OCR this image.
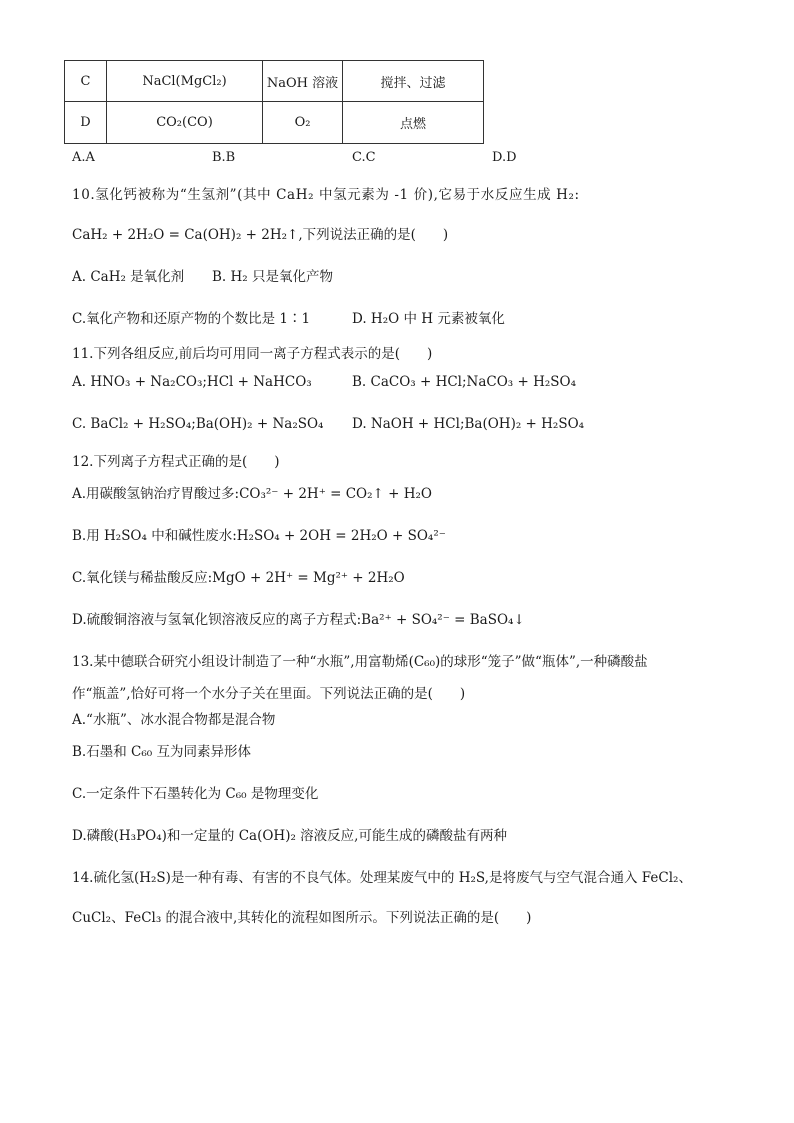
C	NaCl(MgCl₂)	NaOH 溶液	搅拌、过滤
D	CO₂(CO)	O₂	点燃
A.A	B.B	C.C	D.D
10.氢化钙被称为“生氢剂”(其中 CaH₂ 中氢元素为 -1 价),它易于水反应生成 H₂:
CaH₂ + 2H₂O = Ca(OH)₂ + 2H₂↑,下列说法正确的是(　　)
A. CaH₂ 是氧化剂 B. H₂ 只是氧化产物
C.氧化产物和还原产物的个数比是 1∶1	D. H₂O 中 H 元素被氧化
11.下列各组反应,前后均可用同一离子方程式表示的是(　　)
A. HNO₃ + Na₂CO₃;HCl + NaHCO₃	B. CaCO₃ + HCl;NaCO₃ + H₂SO₄
C. BaCl₂ + H₂SO₄;Ba(OH)₂ + Na₂SO₄ D. NaOH + HCl;Ba(OH)₂ + H₂SO₄
12.下列离子方程式正确的是(　　)
A.用碳酸氢钠治疗胃酸过多:CO₃²⁻ + 2H⁺ = CO₂↑ + H₂O
B.用 H₂SO₄ 中和碱性废水:H₂SO₄ + 2OH = 2H₂O + SO₄²⁻
C.氧化镁与稀盐酸反应:MgO + 2H⁺ = Mg²⁺ + 2H₂O
D.硫酸铜溶液与氢氧化钡溶液反应的离子方程式:Ba²⁺ + SO₄²⁻ = BaSO₄↓
13.某中德联合研究小组设计制造了一种“水瓶”,用富勒烯(C₆₀)的球形“笼子”做“瓶体”,一种磷酸盐
作“瓶盖”,恰好可将一个水分子关在里面。下列说法正确的是(　　)
A.“水瓶”、冰水混合物都是混合物
B.石墨和 C₆₀ 互为同素异形体
C.一定条件下石墨转化为 C₆₀ 是物理变化
D.磷酸(H₃PO₄)和一定量的 Ca(OH)₂ 溶液反应,可能生成的磷酸盐有两种
14.硫化氢(H₂S)是一种有毒、有害的不良气体。处理某废气中的 H₂S,是将废气与空气混合通入 FeCl₂、
CuCl₂、FeCl₃ 的混合液中,其转化的流程如图所示。下列说法正确的是(　　)
